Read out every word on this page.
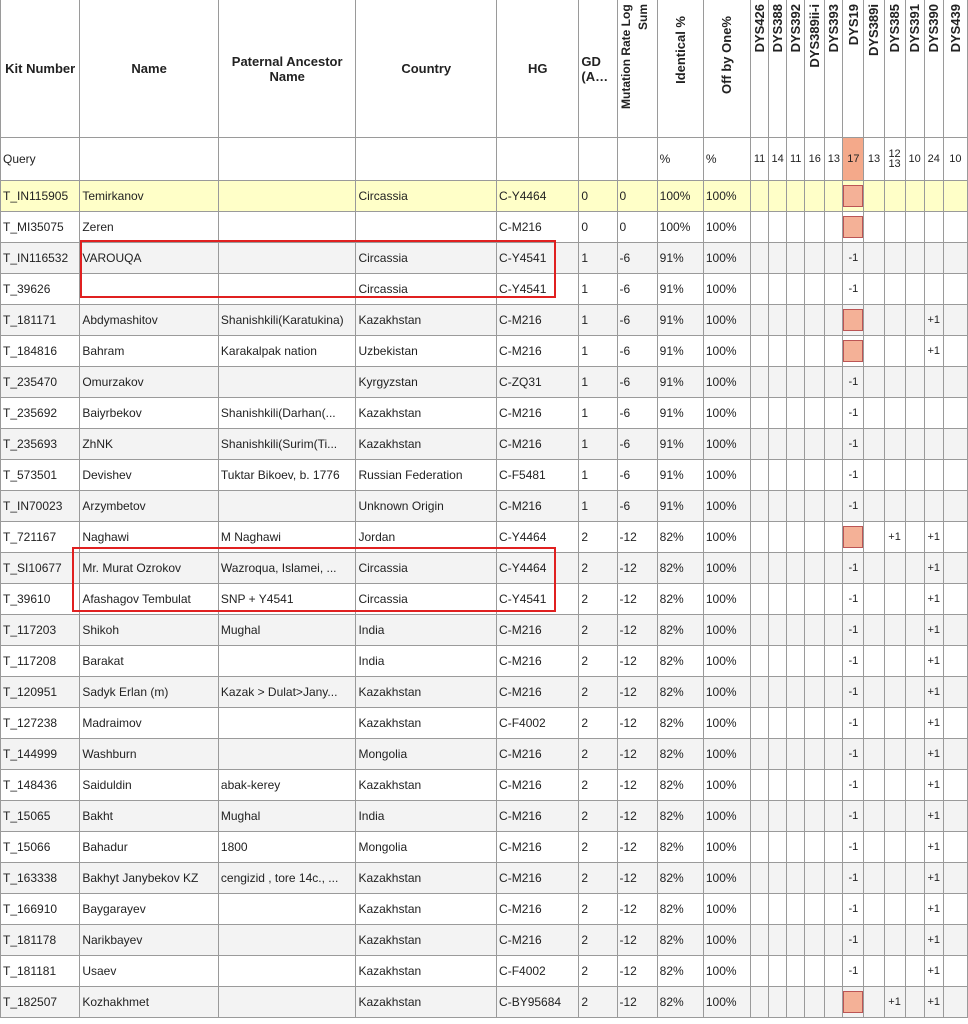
Kit Number	Name	Paternal Ancestor Name	Country	HG	GD (Abs)	Mutation Rate Log Sum	Identical %	Off by One%	DYS426	DYS388	DYS392	DYS389ii-i	DYS393	DYS19	DYS389i	DYS385	DYS391	DYS390	DYS439
Query							%	%	11	14	11	16	13	17	13	12 13	10	24	10
T_IN115905	Temirkanov		Circassia	C-Y4464	0	0	100%	100%											
T_MI35075	Zeren			C-M216	0	0	100%	100%											
T_IN116532	VAROUQA		Circassia	C-Y4541	1	-6	91%	100%						-1					
T_39626			Circassia	C-Y4541	1	-6	91%	100%						-1					
T_181171	Abdymashitov	Shanishkili(Karatukina)	Kazakhstan	C-M216	1	-6	91%	100%										+1	
T_184816	Bahram	Karakalpak nation	Uzbekistan	C-M216	1	-6	91%	100%										+1	
T_235470	Omurzakov		Kyrgyzstan	C-ZQ31	1	-6	91%	100%						-1					
T_235692	Baiyrbekov	Shanishkili(Darhan(...	Kazakhstan	C-M216	1	-6	91%	100%						-1					
T_235693	ZhNK	Shanishkili(Surim(Ti...	Kazakhstan	C-M216	1	-6	91%	100%						-1					
T_573501	Devishev	Tuktar Bikoev, b. 1776	Russian Federation	C-F5481	1	-6	91%	100%						-1					
T_IN70023	Arzymbetov		Unknown Origin	C-M216	1	-6	91%	100%						-1					
T_721167	Naghawi	M Naghawi	Jordan	C-Y4464	2	-12	82%	100%								+1		+1	
T_SI10677	Mr. Murat Ozrokov	Wazroqua, Islamei, ...	Circassia	C-Y4464	2	-12	82%	100%						-1				+1	
T_39610	Afashagov Tembulat	SNP + Y4541	Circassia	C-Y4541	2	-12	82%	100%						-1				+1	
T_117203	Shikoh	Mughal	India	C-M216	2	-12	82%	100%						-1				+1	
T_117208	Barakat		India	C-M216	2	-12	82%	100%						-1				+1	
T_120951	Sadyk Erlan (m)	Kazak > Dulat>Jany...	Kazakhstan	C-M216	2	-12	82%	100%						-1				+1	
T_127238	Madraimov		Kazakhstan	C-F4002	2	-12	82%	100%						-1				+1	
T_144999	Washburn		Mongolia	C-M216	2	-12	82%	100%						-1				+1	
T_148436	Saiduldin	abak-kerey	Kazakhstan	C-M216	2	-12	82%	100%						-1				+1	
T_15065	Bakht	Mughal	India	C-M216	2	-12	82%	100%						-1				+1	
T_15066	Bahadur	1800	Mongolia	C-M216	2	-12	82%	100%						-1				+1	
T_163338	Bakhyt Janybekov KZ	cengizid , tore 14c., ...	Kazakhstan	C-M216	2	-12	82%	100%						-1				+1	
T_166910	Baygarayev		Kazakhstan	C-M216	2	-12	82%	100%						-1				+1	
T_181178	Narikbayev		Kazakhstan	C-M216	2	-12	82%	100%						-1				+1	
T_181181	Usaev		Kazakhstan	C-F4002	2	-12	82%	100%						-1				+1	
T_182507	Kozhakhmet		Kazakhstan	C-BY95684	2	-12	82%	100%								+1		+1	
